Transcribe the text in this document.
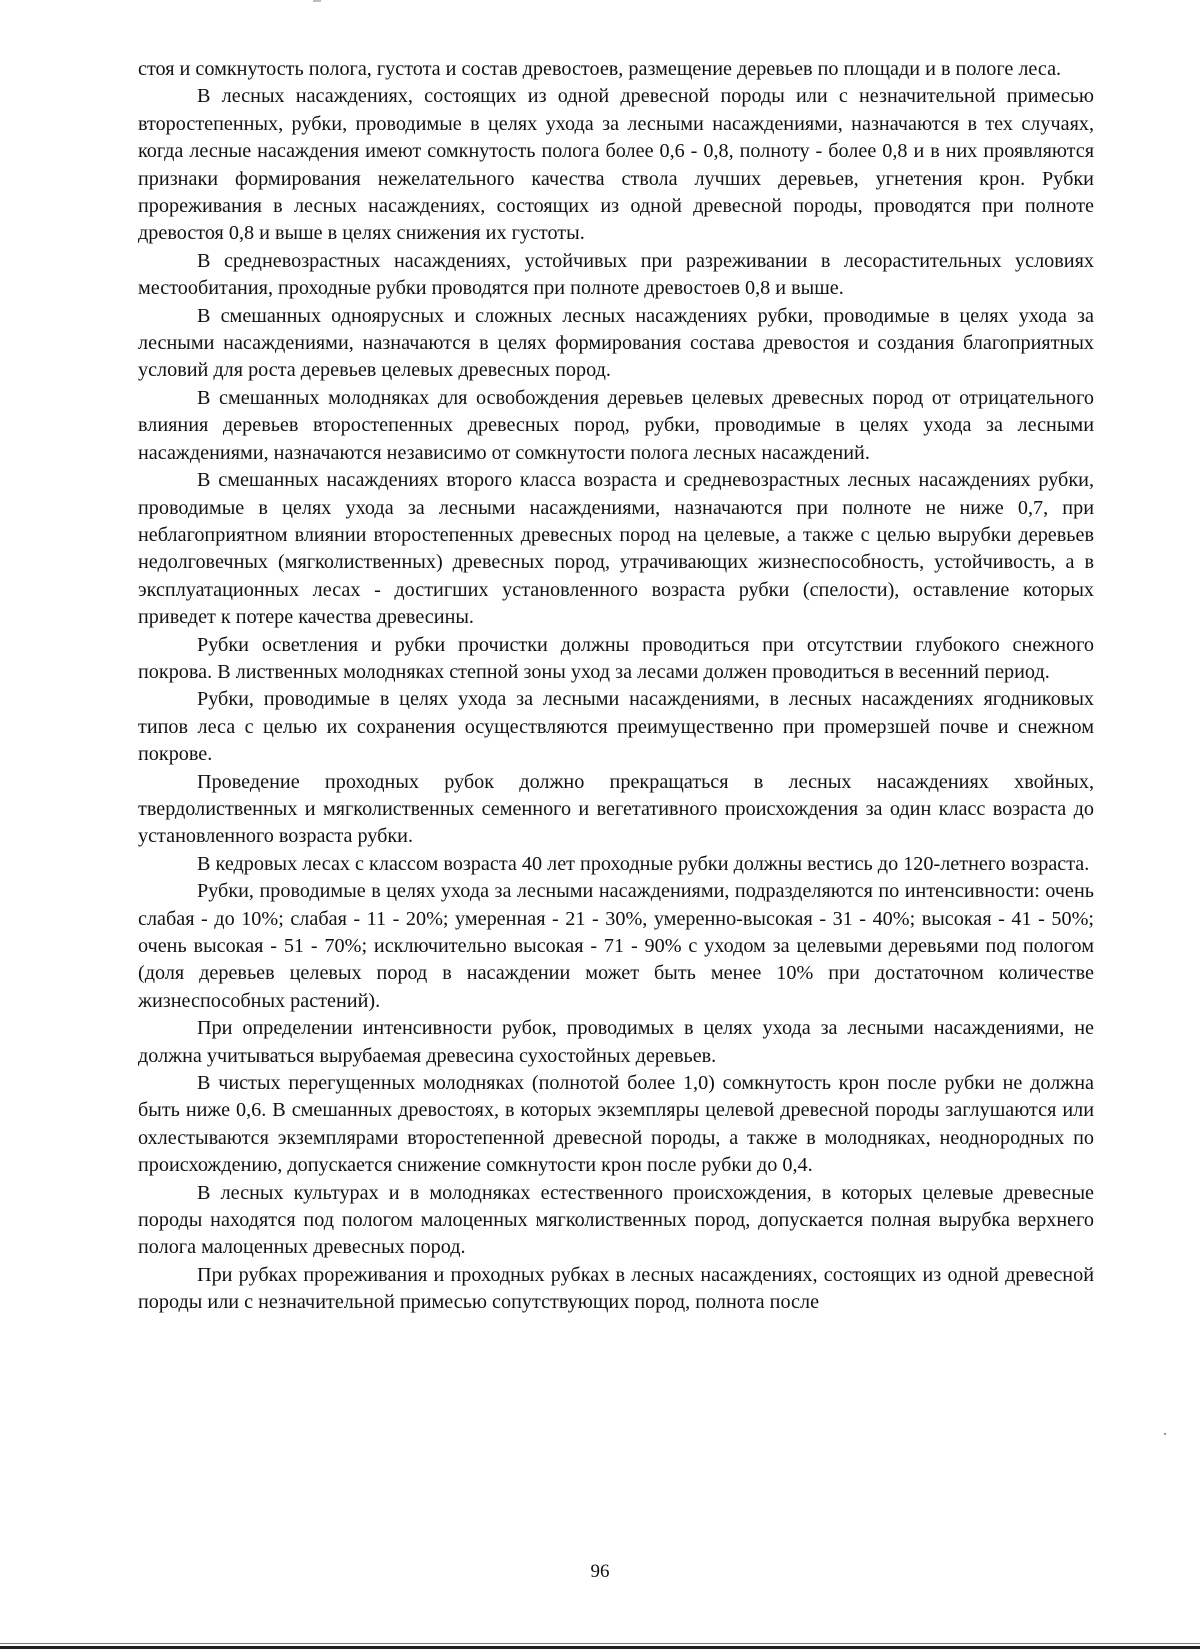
стоя и сомкнутость полога, густота и состав древостоев, размещение деревьев по площади и в пологе леса.

В лесных насаждениях, состоящих из одной древесной породы или с незначительной примесью второстепенных, рубки, проводимые в целях ухода за лесными насаждениями, назначаются в тех случаях, когда лесные насаждения имеют сомкнутость полога более 0,6 - 0,8, полноту - более 0,8 и в них проявляются признаки формирования нежелательного качества ствола лучших деревьев, угнетения крон. Рубки прореживания в лесных насаждениях, состоящих из одной древесной породы, проводятся при полноте древостоя 0,8 и выше в целях снижения их густоты.

В средневозрастных насаждениях, устойчивых при разреживании в лесорастительных условиях местообитания, проходные рубки проводятся при полноте древостоев 0,8 и выше.

В смешанных одноярусных и сложных лесных насаждениях рубки, проводимые в целях ухода за лесными насаждениями, назначаются в целях формирования состава древостоя и создания благоприятных условий для роста деревьев целевых древесных пород.

В смешанных молодняках для освобождения деревьев целевых древесных пород от отрицательного влияния деревьев второстепенных древесных пород, рубки, проводимые в целях ухода за лесными насаждениями, назначаются независимо от сомкнутости полога лесных насаждений.

В смешанных насаждениях второго класса возраста и средневозрастных лесных насаждениях рубки, проводимые в целях ухода за лесными насаждениями, назначаются при полноте не ниже 0,7, при неблагоприятном влиянии второстепенных древесных пород на целевые, а также с целью вырубки деревьев недолговечных (мягколиственных) древесных пород, утрачивающих жизнеспособность, устойчивость, а в эксплуатационных лесах - достигших установленного возраста рубки (спелости), оставление которых приведет к потере качества древесины.

Рубки осветления и рубки прочистки должны проводиться при отсутствии глубокого снежного покрова. В лиственных молодняках степной зоны уход за лесами должен проводиться в весенний период.

Рубки, проводимые в целях ухода за лесными насаждениями, в лесных насаждениях ягодниковых типов леса с целью их сохранения осуществляются преимущественно при промерзшей почве и снежном покрове.

Проведение проходных рубок должно прекращаться в лесных насаждениях хвойных, твердолиственных и мягколиственных семенного и вегетативного происхождения за один класс возраста до установленного возраста рубки.

В кедровых лесах с классом возраста 40 лет проходные рубки должны вестись до 120-летнего возраста.

Рубки, проводимые в целях ухода за лесными насаждениями, подразделяются по интенсивности: очень слабая - до 10%; слабая - 11 - 20%; умеренная - 21 - 30%, умеренно-высокая - 31 - 40%; высокая - 41 - 50%; очень высокая - 51 - 70%; исключительно высокая - 71 - 90% с уходом за целевыми деревьями под пологом (доля деревьев целевых пород в насаждении может быть менее 10% при достаточном количестве жизнеспособных растений).

При определении интенсивности рубок, проводимых в целях ухода за лесными насаждениями, не должна учитываться вырубаемая древесина сухостойных деревьев.

В чистых перегущенных молодняках (полнотой более 1,0) сомкнутость крон после рубки не должна быть ниже 0,6. В смешанных древостоях, в которых экземпляры целевой древесной породы заглушаются или охлестываются экземплярами второстепенной древесной породы, а также в молодняках, неоднородных по происхождению, допускается снижение сомкнутости крон после рубки до 0,4.

В лесных культурах и в молодняках естественного происхождения, в которых целевые древесные породы находятся под пологом малоценных мягколиственных пород, допускается полная вырубка верхнего полога малоценных древесных пород.

При рубках прореживания и проходных рубках в лесных насаждениях, состоящих из одной древесной породы или с незначительной примесью сопутствующих пород, полнота после

96
